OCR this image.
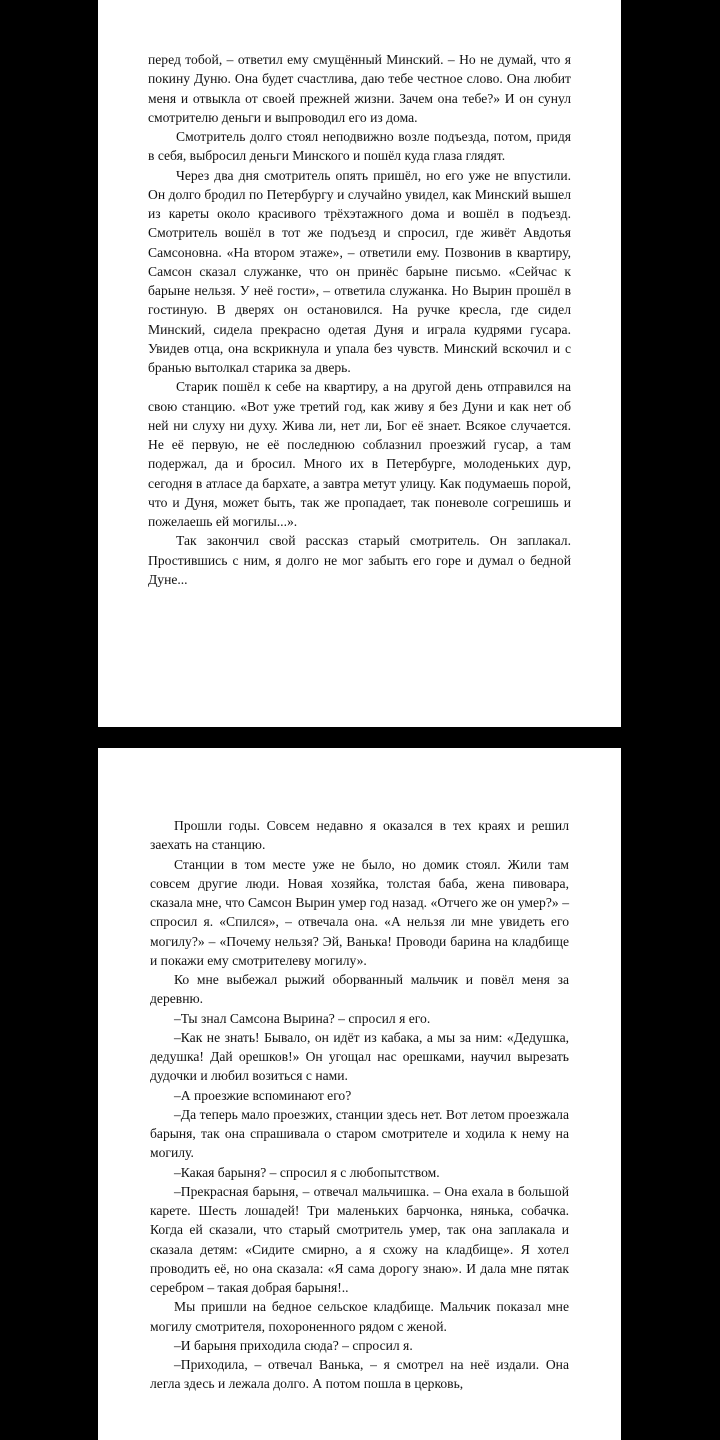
перед тобой, – ответил ему смущённый Минский. – Но не думай, что я покину Дуню. Она будет счастлива, даю тебе честное слово. Она любит меня и отвыкла от своей прежней жизни. Зачем она тебе?» И он сунул смотрителю деньги и выпроводил его из дома.

Смотритель долго стоял неподвижно возле подъезда, потом, придя в себя, выбросил деньги Минского и пошёл куда глаза глядят.

Через два дня смотритель опять пришёл, но его уже не впустили. Он долго бродил по Петербургу и случайно увидел, как Минский вышел из кареты около красивого трёхэтажного дома и вошёл в подъезд. Смотритель вошёл в тот же подъезд и спросил, где живёт Авдотья Самсоновна. «На втором этаже», – ответили ему. Позвонив в квартиру, Самсон сказал служанке, что он принёс барыне письмо. «Сейчас к барыне нельзя. У неё гости», – ответила служанка. Но Вырин прошёл в гостиную. В дверях он остановился. На ручке кресла, где сидел Минский, сидела прекрасно одетая Дуня и играла кудрями гусара. Увидев отца, она вскрикнула и упала без чувств. Минский вскочил и с бранью вытолкал старика за дверь.

Старик пошёл к себе на квартиру, а на другой день отправился на свою станцию. «Вот уже третий год, как живу я без Дуни и как нет об ней ни слуху ни духу. Жива ли, нет ли, Бог её знает. Всякое случается. Не её первую, не её последнюю соблазнил проезжий гусар, а там подержал, да и бросил. Много их в Петербурге, молоденьких дур, сегодня в атласе да бархате, а завтра метут улицу. Как подумаешь порой, что и Дуня, может быть, так же пропадает, так поневоле согрешишь и пожелаешь ей могилы...».

Так закончил свой рассказ старый смотритель. Он заплакал. Простившись с ним, я долго не мог забыть его горе и думал о бедной Дуне...

Прошли годы. Совсем недавно я оказался в тех краях и решил заехать на станцию.

Станции в том месте уже не было, но домик стоял. Жили там совсем другие люди. Новая хозяйка, толстая баба, жена пивовара, сказала мне, что Самсон Вырин умер год назад. «Отчего же он умер?» – спросил я. «Спился», – отвечала она. «А нельзя ли мне увидеть его могилу?» – «Почему нельзя? Эй, Ванька! Проводи барина на кладбище и покажи ему смотрителеву могилу».

Ко мне выбежал рыжий оборванный мальчик и повёл меня за деревню.

–Ты знал Самсона Вырина? – спросил я его.

–Как не знать! Бывало, он идёт из кабака, а мы за ним: «Дедушка, дедушка! Дай орешков!» Он угощал нас орешками, научил вырезать дудочки и любил возиться с нами.

–А проезжие вспоминают его?

–Да теперь мало проезжих, станции здесь нет. Вот летом проезжала барыня, так она спрашивала о старом смотрителе и ходила к нему на могилу.

–Какая барыня? – спросил я с любопытством.

–Прекрасная барыня, – отвечал мальчишка. – Она ехала в большой карете. Шесть лошадей! Три маленьких барчонка, нянька, собачка. Когда ей сказали, что старый смотритель умер, так она заплакала и сказала детям: «Сидите смирно, а я схожу на кладбище». Я хотел проводить её, но она сказала: «Я сама дорогу знаю». И дала мне пятак серебром – такая добрая барыня!..

Мы пришли на бедное сельское кладбище. Мальчик показал мне могилу смотрителя, похороненного рядом с женой.

–И барыня приходила сюда? – спросил я.

–Приходила, – отвечал Ванька, – я смотрел на неё издали. Она легла здесь и лежала долго. А потом пошла в церковь,
